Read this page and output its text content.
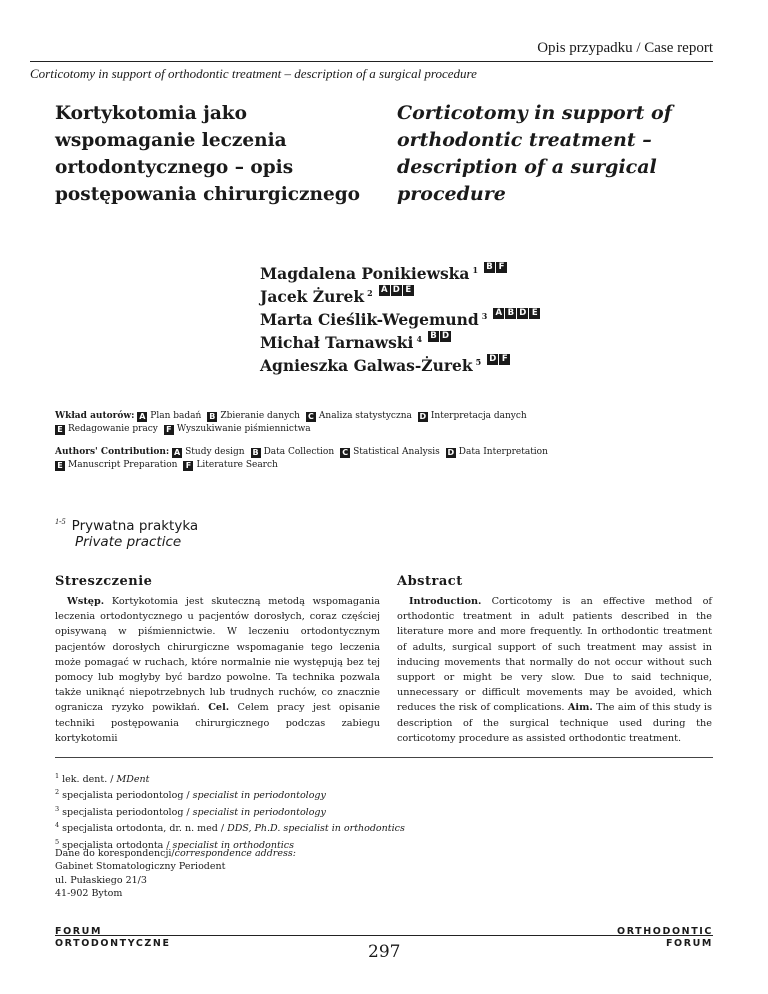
Opis przypadku / Case report
Corticotomy in support of orthodontic treatment – description of a surgical procedure
Kortykotomia jako wspomaganie leczenia ortodontycznego – opis postępowania chirurgicznego
Corticotomy in support of orthodontic treatment – description of a surgical procedure
Magdalena Ponikiewska $^1$ B F
Jacek Żurek $^2$ A D E
Marta Cieślik-Wegemund $^3$ A B D E
Michał Tarnawski $^4$ B D
Agnieszka Galwas-Żurek $^5$ D F
Wkład autorów: A Plan badań B Zbieranie danych C Analiza statystyczna D Interpretacja danych
E Redagowanie pracy F Wyszukiwanie piśmiennictwa
Authors' Contribution: A Study design B Data Collection C Statistical Analysis D Data Interpretation
E Manuscript Preparation F Literature Search
$^{1-5}$ Prywatna praktyka
Private practice
Streszczenie	Abstract

Wstęp. Kortykotomia jest skuteczną metodą wspomagania leczenia ortodontycznego u pacjentów dorosłych, coraz częściej opisywaną w piśmiennictwie. W leczeniu ortodontycznym pacjentów dorosłych chirurgiczne wspomaganie tego leczenia może pomagać w ruchach, które normalnie nie występują bez tej pomocy lub mogłyby być bardzo powolne. Ta technika pozwala także uniknąć niepotrzebnych lub trudnych ruchów, co znacznie ogranicza ryzyko powikłań. Cel. Celem pracy jest opisanie techniki postępowania chirurgicznego podczas zabiegu kortykotomii

Introduction. Corticotomy is an effective method of orthodontic treatment in adult patients described in the literature more and more frequently. In orthodontic treatment of adults, surgical support of such treatment may assist in inducing movements that normally do not occur without such support or might be very slow. Due to said technique, unnecessary or difficult movements may be avoided, which reduces the risk of complications. Aim. The aim of this study is description of the surgical technique used during the corticotomy procedure as assisted orthodontic treatment.

$^1$ lek. dent. / MDent
$^2$ specjalista periodontolog / specialist in periodontology
$^3$ specjalista periodontolog / specialist in periodontology
$^4$ specjalista ortodonta, dr. n. med / DDS, Ph.D. specialist in orthodontics
$^5$ specjalista ortodonta / specialist in orthodontics
Dane do korespondencji/correspondence address:
Gabinet Stomatologiczny Periodent
ul. Pułaskiego 21/3
41-902 Bytom
FORUM
ORTODONTYCZNE
ORTHODONTIC
FORUM
297
